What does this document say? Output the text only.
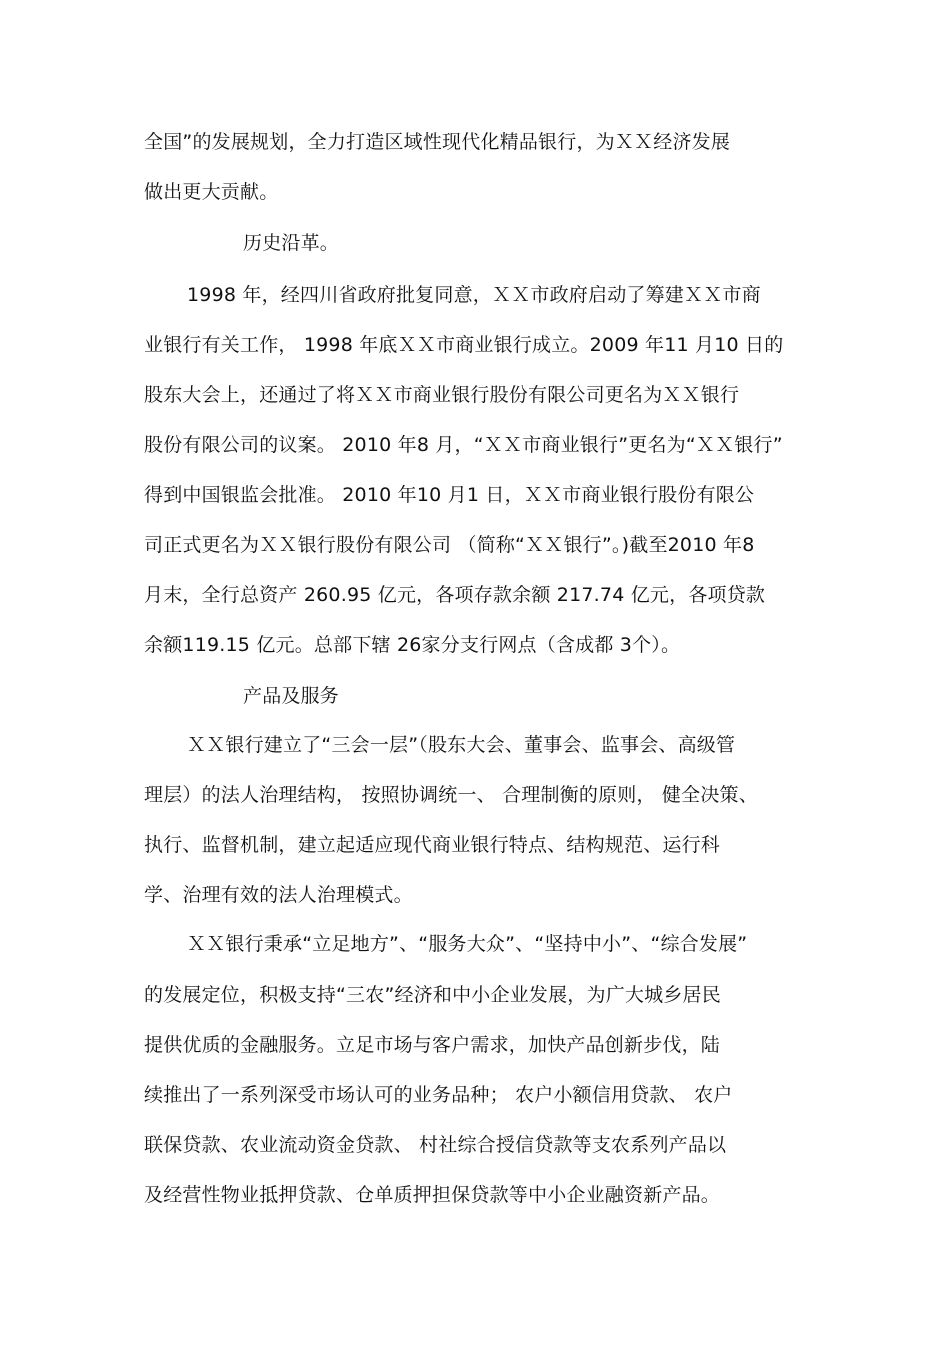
全国”的发展规划，全力打造区域性现代化精品银行，为ＸＸ经济发展
做出更大贡献。
历史沿革。
1998 年，经四川省政府批复同意，ＸＸ市政府启动了筹建ＸＸ市商
业银行有关工作， 1998 年底ＸＸ市商业银行成立。2009 年11 月10 日的
股东大会上，还通过了将ＸＸ市商业银行股份有限公司更名为ＸＸ银行
股份有限公司的议案。 2010 年8 月，“ＸＸ市商业银行”更名为“ＸＸ银行”
得到中国银监会批准。 2010 年10 月1 日，ＸＸ市商业银行股份有限公
司正式更名为ＸＸ银行股份有限公司 （简称“ＸＸ银行”。)截至2010 年8
月末，全行总资产 260.95 亿元，各项存款余额 217.74 亿元，各项贷款
余额119.15 亿元。总部下辖 26家分支行网点（含成都 3个）。
产品及服务
ＸＸ银行建立了“三会一层”（股东大会、董事会、监事会、高级管
理层）的法人治理结构， 按照协调统一、 合理制衡的原则， 健全决策、
执行、监督机制，建立起适应现代商业银行特点、结构规范、运行科
学、治理有效的法人治理模式。
ＸＸ银行秉承“立足地方”、“服务大众”、“坚持中小”、“综合发展”
的发展定位，积极支持“三农”经济和中小企业发展，为广大城乡居民
提供优质的金融服务。立足市场与客户需求，加快产品创新步伐，陆
续推出了一系列深受市场认可的业务品种； 农户小额信用贷款、 农户
联保贷款、农业流动资金贷款、 村社综合授信贷款等支农系列产品以
及经营性物业抵押贷款、仓单质押担保贷款等中小企业融资新产品。
